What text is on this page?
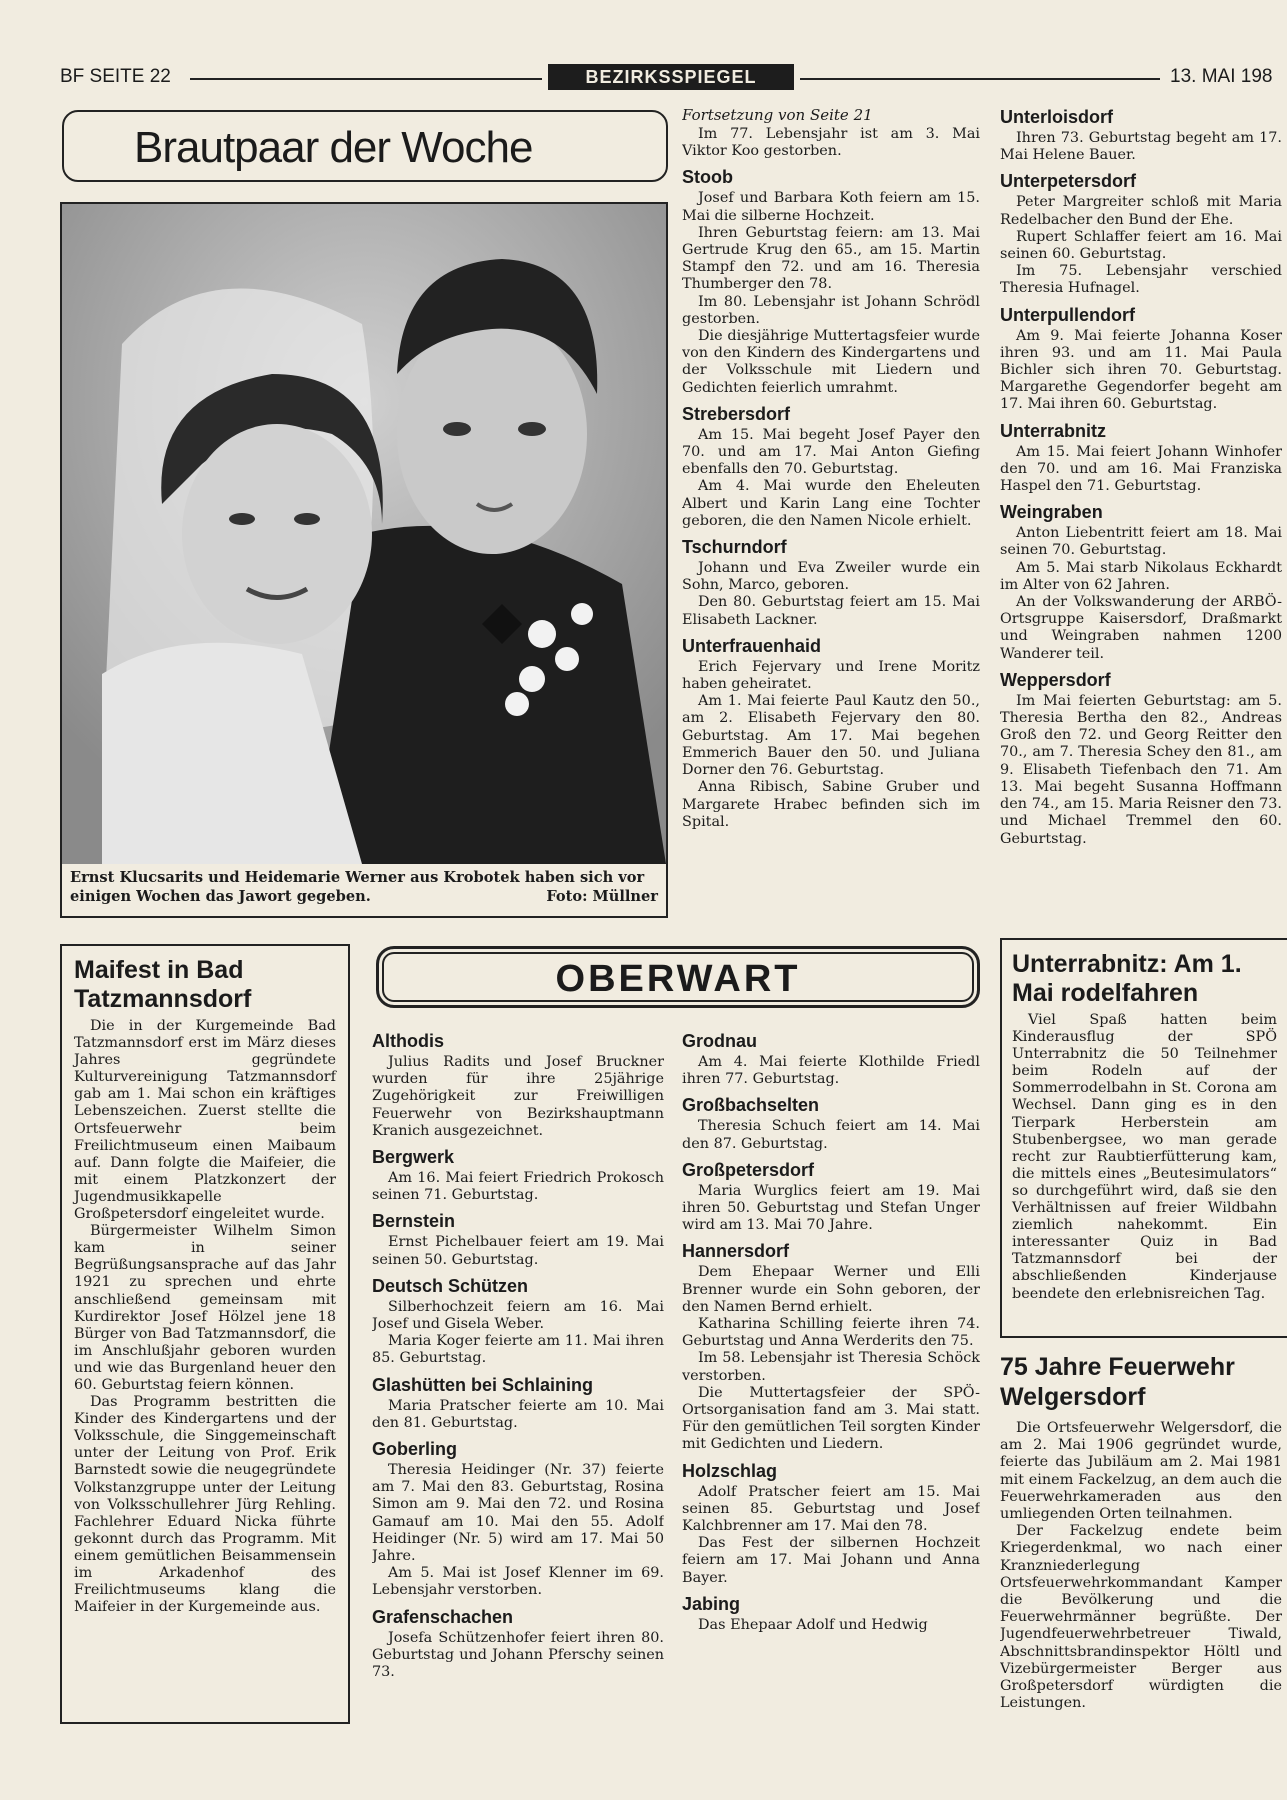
BF SEITE 22	BEZIRKSSPIEGEL	13. MAI 198
Brautpaar der Woche
Ernst Klucsarits und Heidemarie Werner aus Krobotek haben sich vor einigen Wochen das Jawort gegeben.	Foto: Müllner
Fortsetzung von Seite 21

Im 77. Lebensjahr ist am 3. Mai Viktor Koo gestorben.

Stoob

Josef und Barbara Koth feiern am 15. Mai die silberne Hochzeit.

Ihren Geburtstag feiern: am 13. Mai Gertrude Krug den 65., am 15. Martin Stampf den 72. und am 16. Theresia Thumberger den 78.

Im 80. Lebensjahr ist Johann Schrödl gestorben.

Die diesjährige Muttertagsfeier wurde von den Kindern des Kindergartens und der Volksschule mit Liedern und Gedichten feierlich umrahmt.

Strebersdorf

Am 15. Mai begeht Josef Payer den 70. und am 17. Mai Anton Giefing ebenfalls den 70. Geburtstag.

Am 4. Mai wurde den Eheleuten Albert und Karin Lang eine Tochter geboren, die den Namen Nicole erhielt.

Tschurndorf

Johann und Eva Zweiler wurde ein Sohn, Marco, geboren.

Den 80. Geburtstag feiert am 15. Mai Elisabeth Lackner.

Unterfrauenhaid

Erich Fejervary und Irene Moritz haben geheiratet.

Am 1. Mai feierte Paul Kautz den 50., am 2. Elisabeth Fejervary den 80. Geburtstag. Am 17. Mai begehen Emmerich Bauer den 50. und Juliana Dorner den 76. Geburtstag.

Anna Ribisch, Sabine Gruber und Margarete Hrabec befinden sich im Spital.

Unterloisdorf

Ihren 73. Geburtstag begeht am 17. Mai Helene Bauer.

Unterpetersdorf

Peter Margreiter schloß mit Maria Redelbacher den Bund der Ehe.

Rupert Schlaffer feiert am 16. Mai seinen 60. Geburtstag.

Im 75. Lebensjahr verschied Theresia Hufnagel.

Unterpullendorf

Am 9. Mai feierte Johanna Koser ihren 93. und am 11. Mai Paula Bichler sich ihren 70. Geburtstag. Margarethe Gegendorfer begeht am 17. Mai ihren 60. Geburtstag.

Unterrabnitz

Am 15. Mai feiert Johann Winhofer den 70. und am 16. Mai Franziska Haspel den 71. Geburtstag.

Weingraben

Anton Liebentritt feiert am 18. Mai seinen 70. Geburtstag.

Am 5. Mai starb Nikolaus Eckhardt im Alter von 62 Jahren.

An der Volkswanderung der ARBÖ-Ortsgruppe Kaisersdorf, Draßmarkt und Weingraben nahmen 1200 Wanderer teil.

Weppersdorf

Im Mai feierten Geburtstag: am 5. Theresia Bertha den 82., Andreas Groß den 72. und Georg Reitter den 70., am 7. Theresia Schey den 81., am 9. Elisabeth Tiefenbach den 71. Am 13. Mai begeht Susanna Hoffmann den 74., am 15. Maria Reisner den 73. und Michael Tremmel den 60. Geburtstag.

Maifest in Bad Tatzmannsdorf

Die in der Kurgemeinde Bad Tatzmannsdorf erst im März dieses Jahres gegründete Kulturvereinigung Tatzmannsdorf gab am 1. Mai schon ein kräftiges Lebenszeichen. Zuerst stellte die Ortsfeuerwehr beim Freilichtmuseum einen Maibaum auf. Dann folgte die Maifeier, die mit einem Platzkonzert der Jugendmusikkapelle Großpetersdorf eingeleitet wurde.

Bürgermeister Wilhelm Simon kam in seiner Begrüßungsansprache auf das Jahr 1921 zu sprechen und ehrte anschließend gemeinsam mit Kurdirektor Josef Hölzel jene 18 Bürger von Bad Tatzmannsdorf, die im Anschlußjahr geboren wurden und wie das Burgenland heuer den 60. Geburtstag feiern können.

Das Programm bestritten die Kinder des Kindergartens und der Volksschule, die Singgemeinschaft unter der Leitung von Prof. Erik Barnstedt sowie die neugegründete Volkstanzgruppe unter der Leitung von Volksschullehrer Jürg Rehling. Fachlehrer Eduard Nicka führte gekonnt durch das Programm. Mit einem gemütlichen Beisammensein im Arkadenhof des Freilichtmuseums klang die Maifeier in der Kurgemeinde aus.

OBERWART
Althodis

Julius Radits und Josef Bruckner wurden für ihre 25jährige Zugehörigkeit zur Freiwilligen Feuerwehr von Bezirkshauptmann Kranich ausgezeichnet.

Bergwerk

Am 16. Mai feiert Friedrich Prokosch seinen 71. Geburtstag.

Bernstein

Ernst Pichelbauer feiert am 19. Mai seinen 50. Geburtstag.

Deutsch Schützen

Silberhochzeit feiern am 16. Mai Josef und Gisela Weber.

Maria Koger feierte am 11. Mai ihren 85. Geburtstag.

Glashütten bei Schlaining

Maria Pratscher feierte am 10. Mai den 81. Geburtstag.

Goberling

Theresia Heidinger (Nr. 37) feierte am 7. Mai den 83. Geburtstag, Rosina Simon am 9. Mai den 72. und Rosina Gamauf am 10. Mai den 55. Adolf Heidinger (Nr. 5) wird am 17. Mai 50 Jahre.

Am 5. Mai ist Josef Klenner im 69. Lebensjahr verstorben.

Grafenschachen

Josefa Schützenhofer feiert ihren 80. Geburtstag und Johann Pferschy seinen 73.

Grodnau

Am 4. Mai feierte Klothilde Friedl ihren 77. Geburtstag.

Großbachselten

Theresia Schuch feiert am 14. Mai den 87. Geburtstag.

Großpetersdorf

Maria Wurglics feiert am 19. Mai ihren 50. Geburtstag und Stefan Unger wird am 13. Mai 70 Jahre.

Hannersdorf

Dem Ehepaar Werner und Elli Brenner wurde ein Sohn geboren, der den Namen Bernd erhielt.

Katharina Schilling feierte ihren 74. Geburtstag und Anna Werderits den 75.

Im 58. Lebensjahr ist Theresia Schöck verstorben.

Die Muttertagsfeier der SPÖ-Ortsorganisation fand am 3. Mai statt. Für den gemütlichen Teil sorgten Kinder mit Gedichten und Liedern.

Holzschlag

Adolf Pratscher feiert am 15. Mai seinen 85. Geburtstag und Josef Kalchbrenner am 17. Mai den 78.

Das Fest der silbernen Hochzeit feiern am 17. Mai Johann und Anna Bayer.

Jabing

Das Ehepaar Adolf und Hedwig

Unterrabnitz: Am 1. Mai rodelfahren

Viel Spaß hatten beim Kinderausflug der SPÖ Unterrabnitz die 50 Teilnehmer beim Rodeln auf der Sommerrodelbahn in St. Corona am Wechsel. Dann ging es in den Tierpark Herberstein am Stubenbergsee, wo man gerade recht zur Raubtierfütterung kam, die mittels eines „Beutesimulators“ so durchgeführt wird, daß sie den Verhältnissen auf freier Wildbahn ziemlich nahekommt. Ein interessanter Quiz in Bad Tatzmannsdorf bei der abschließenden Kinderjause beendete den erlebnisreichen Tag.

75 Jahre Feuerwehr Welgersdorf

Die Ortsfeuerwehr Welgersdorf, die am 2. Mai 1906 gegründet wurde, feierte das Jubiläum am 2. Mai 1981 mit einem Fackelzug, an dem auch die Feuerwehrkameraden aus den umliegenden Orten teilnahmen.

Der Fackelzug endete beim Kriegerdenkmal, wo nach einer Kranzniederlegung Ortsfeuerwehrkommandant Kamper die Bevölkerung und die Feuerwehrmänner begrüßte. Der Jugendfeuerwehrbetreuer Tiwald, Abschnittsbrandinspektor Höltl und Vizebürgermeister Berger aus Großpetersdorf würdigten die Leistungen.
